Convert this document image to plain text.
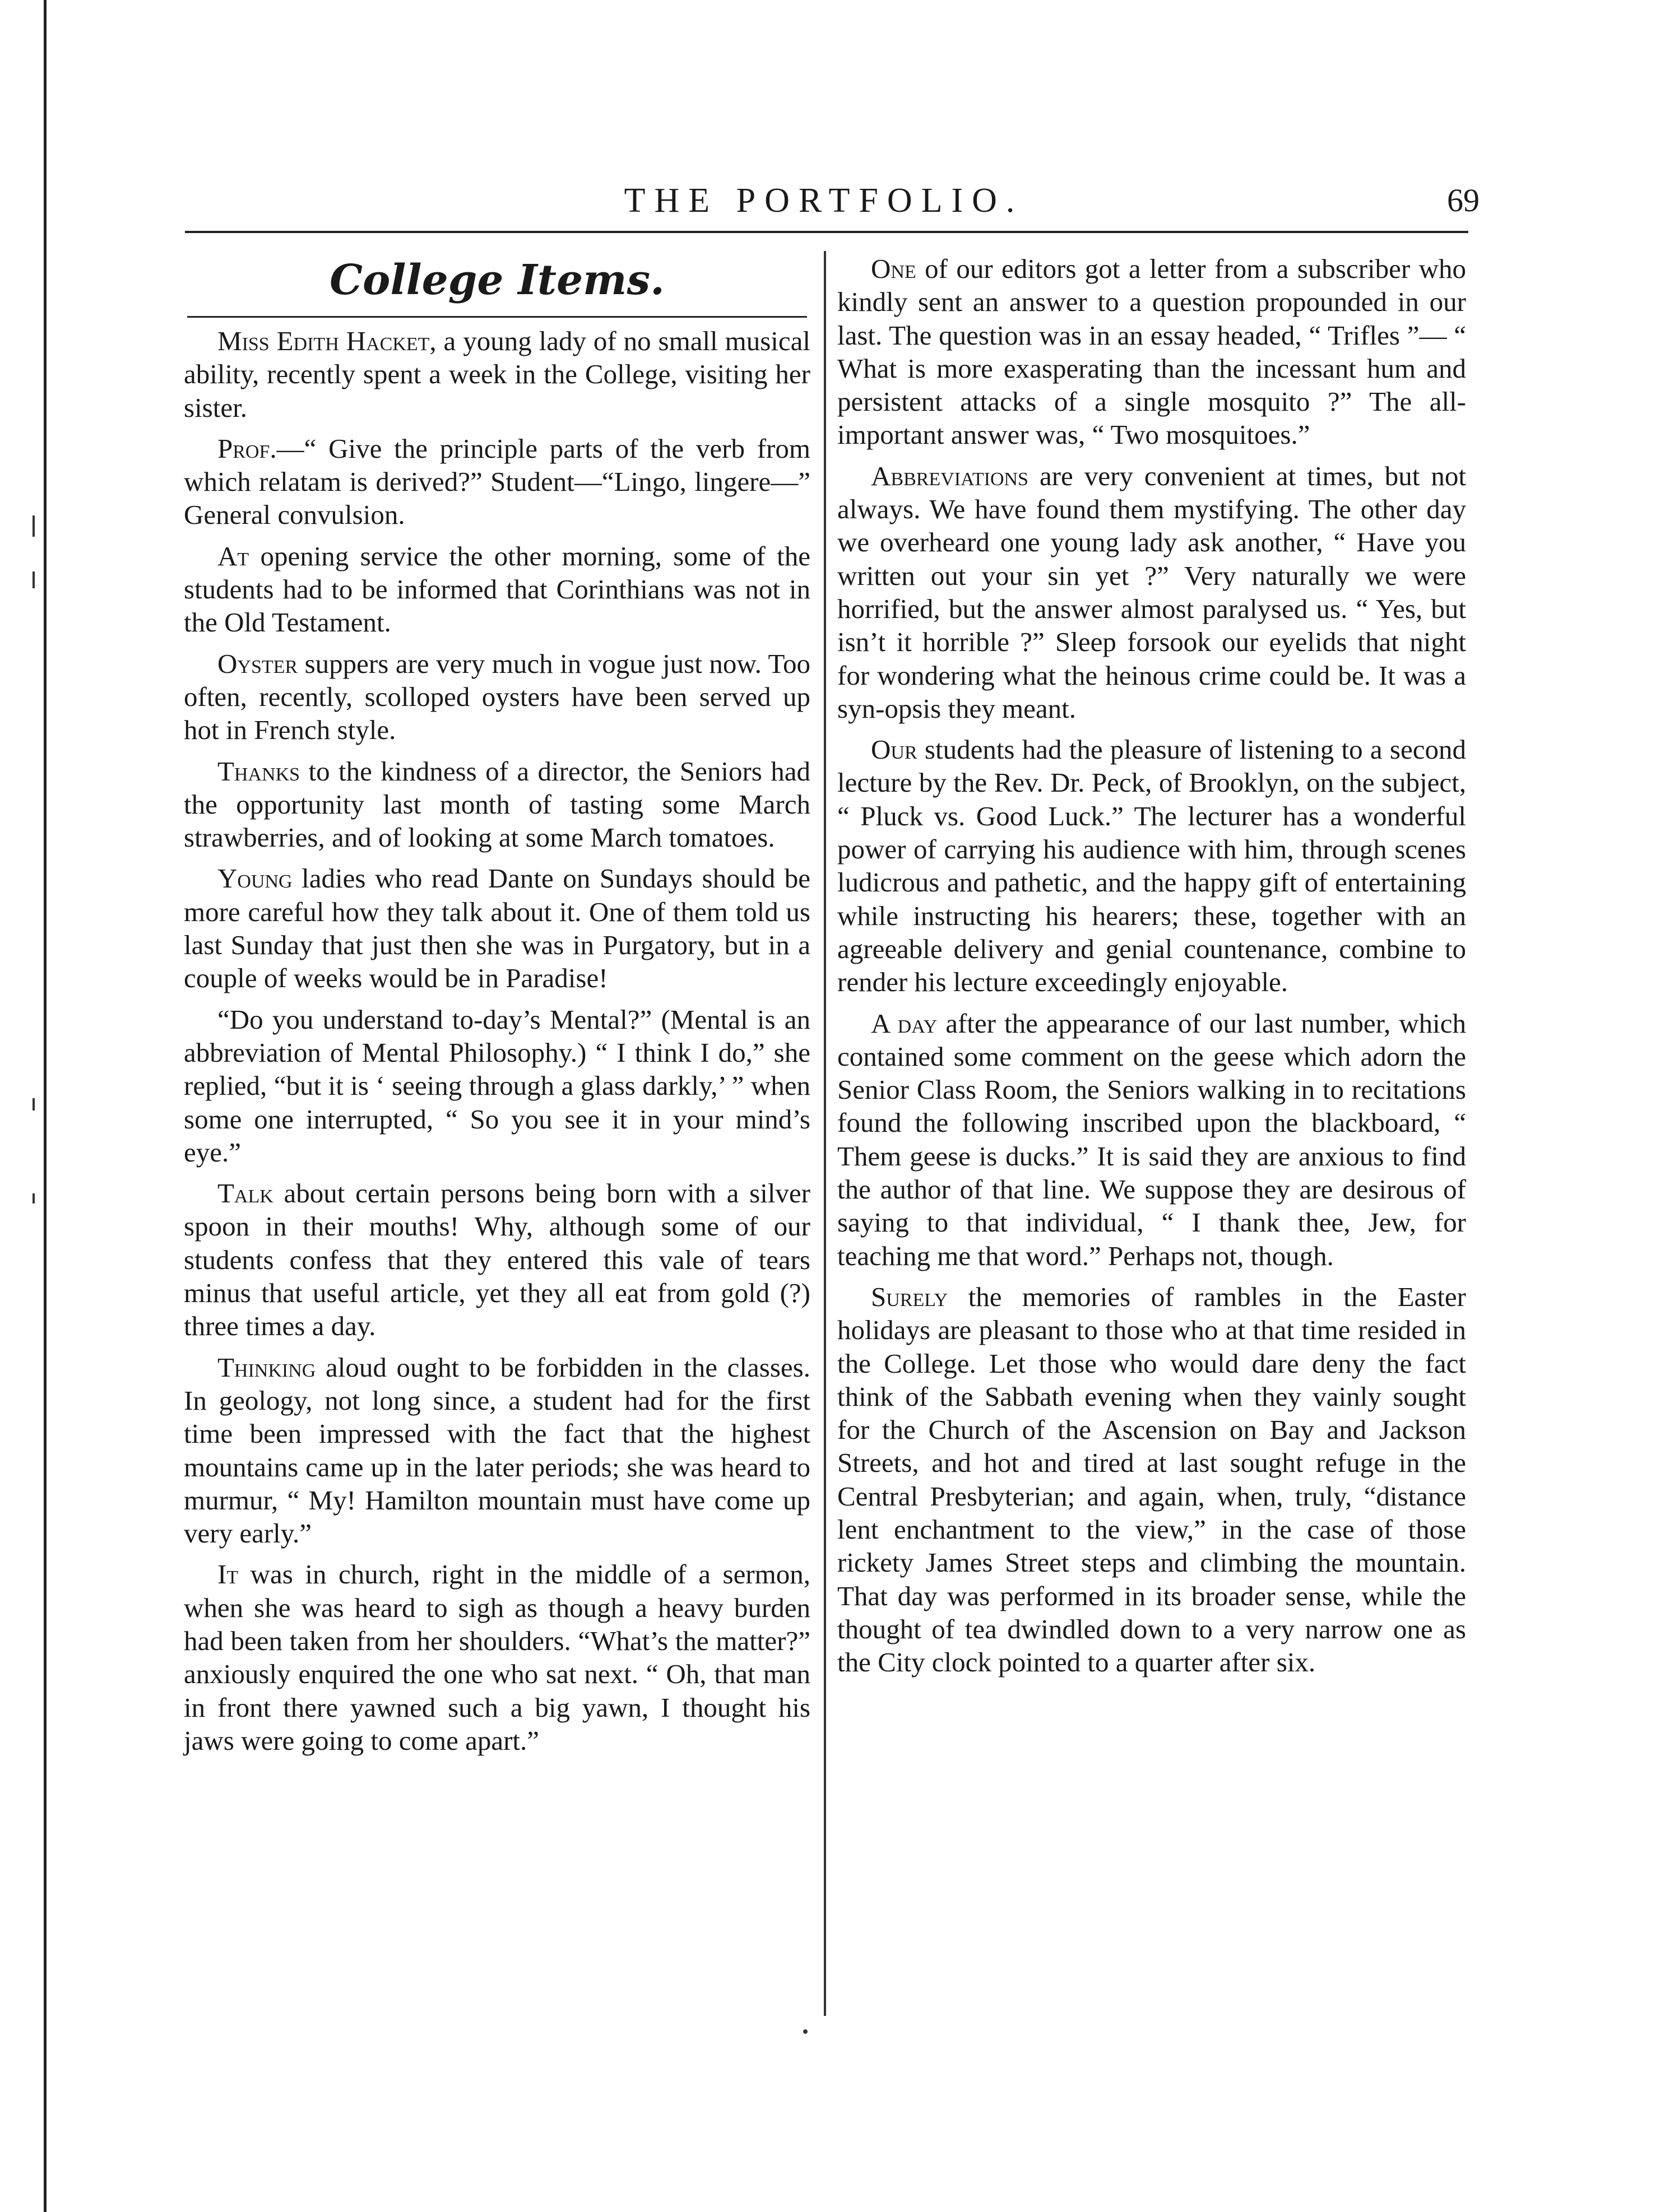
THE PORTFOLIO.	69
College Items.

Miss Edith Hacket, a young lady of no small musical ability, recently spent a week in the College, visiting her sister.

Prof.—“ Give the principle parts of the verb from which relatam is derived?” Student—“Lingo, lingere—” General convulsion.

At opening service the other morning, some of the students had to be informed that Corinthians was not in the Old Testament.

Oyster suppers are very much in vogue just now. Too often, recently, scolloped oysters have been served up hot in French style.

Thanks to the kindness of a director, the Seniors had the opportunity last month of tasting some March strawberries, and of looking at some March tomatoes.

Young ladies who read Dante on Sundays should be more careful how they talk about it. One of them told us last Sunday that just then she was in Purgatory, but in a couple of weeks would be in Paradise!

“Do you understand to-day’s Mental?” (Mental is an abbreviation of Mental Philosophy.) “ I think I do,” she replied, “but it is ‘ seeing through a glass darkly,’ ” when some one interrupted, “ So you see it in your mind’s eye.”

Talk about certain persons being born with a silver spoon in their mouths! Why, although some of our students confess that they entered this vale of tears minus that useful article, yet they all eat from gold (?) three times a day.

Thinking aloud ought to be forbidden in the classes. In geology, not long since, a student had for the first time been impressed with the fact that the highest mountains came up in the later periods; she was heard to murmur, “ My! Hamilton mountain must have come up very early.”

It was in church, right in the middle of a sermon, when she was heard to sigh as though a heavy burden had been taken from her shoulders. “What’s the matter?” anxiously enquired the one who sat next. “ Oh, that man in front there yawned such a big yawn, I thought his jaws were going to come apart.”

One of our editors got a letter from a subscriber who kindly sent an answer to a question propounded in our last. The question was in an essay headed, “ Trifles ”— “ What is more exasperating than the incessant hum and persistent attacks of a single mosquito ?” The all-important answer was, “ Two mosquitoes.”

Abbreviations are very convenient at times, but not always. We have found them mystifying. The other day we overheard one young lady ask another, “ Have you written out your sin yet ?” Very naturally we were horrified, but the answer almost paralysed us. “ Yes, but isn’t it horrible ?” Sleep forsook our eyelids that night for wondering what the heinous crime could be. It was a syn-opsis they meant.

Our students had the pleasure of listening to a second lecture by the Rev. Dr. Peck, of Brooklyn, on the subject, “ Pluck vs. Good Luck.” The lecturer has a wonderful power of carrying his audience with him, through scenes ludicrous and pathetic, and the happy gift of entertaining while instructing his hearers; these, together with an agreeable delivery and genial countenance, combine to render his lecture exceedingly enjoyable.

A day after the appearance of our last number, which contained some comment on the geese which adorn the Senior Class Room, the Seniors walking in to recitations found the following inscribed upon the blackboard, “ Them geese is ducks.” It is said they are anxious to find the author of that line. We suppose they are desirous of saying to that individual, “ I thank thee, Jew, for teaching me that word.” Perhaps not, though.

Surely the memories of rambles in the Easter holidays are pleasant to those who at that time resided in the College. Let those who would dare deny the fact think of the Sabbath evening when they vainly sought for the Church of the Ascension on Bay and Jackson Streets, and hot and tired at last sought refuge in the Central Presbyterian; and again, when, truly, “distance lent enchantment to the view,” in the case of those rickety James Street steps and climbing the mountain. That day was performed in its broader sense, while the thought of tea dwindled down to a very narrow one as the City clock pointed to a quarter after six.
